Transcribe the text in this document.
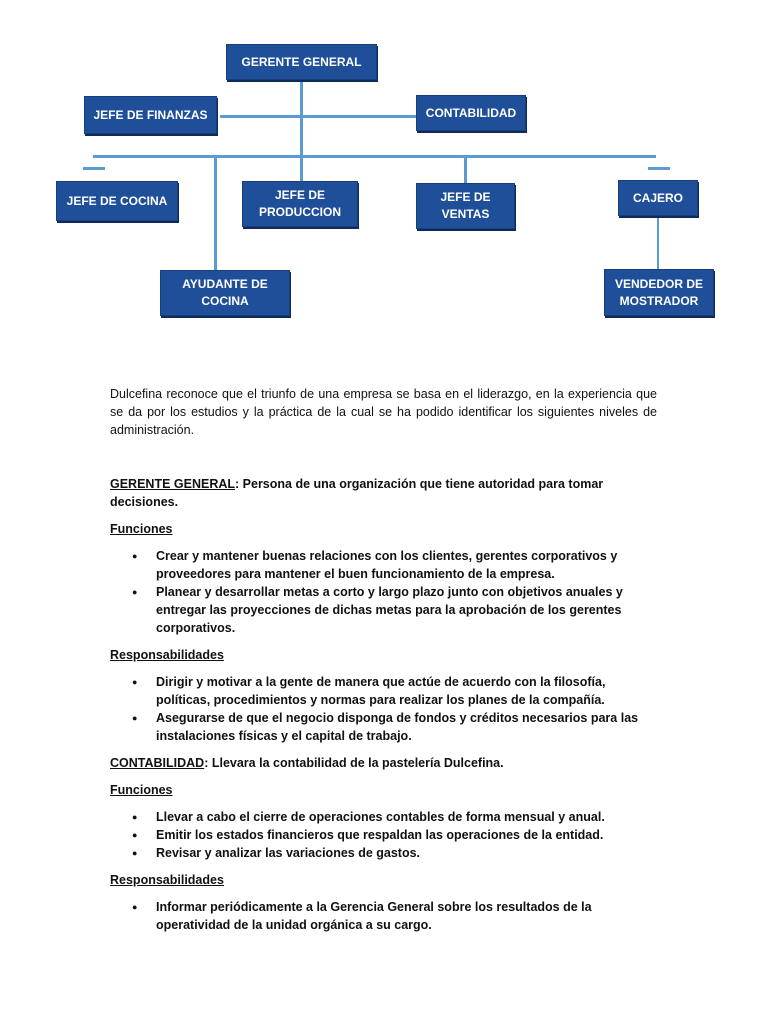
GERENTE GENERAL
JEFE DE FINANZAS	CONTABILIDAD
JEFE DE COCINA	JEFE DE PRODUCCION
JEFE DE VENTAS
CAJERO
AYUDANTE DE COCINA
VENDEDOR DE MOSTRADOR

Dulcefina reconoce que el triunfo de una empresa se basa en el liderazgo, en la experiencia que se da por los estudios y la práctica de la cual se ha podido identificar los siguientes niveles de administración.

GERENTE GENERAL: Persona de una organización que tiene autoridad para tomar decisiones.

Funciones

● Crear y mantener buenas relaciones con los clientes, gerentes corporativos y proveedores para mantener el buen funcionamiento de la empresa.
● Planear y desarrollar metas a corto y largo plazo junto con objetivos anuales y entregar las proyecciones de dichas metas para la aprobación de los gerentes corporativos.

Responsabilidades

● Dirigir y motivar a la gente de manera que actúe de acuerdo con la filosofía, políticas, procedimientos y normas para realizar los planes de la compañía.
● Asegurarse de que el negocio disponga de fondos y créditos necesarios para las instalaciones físicas y el capital de trabajo.

CONTABILIDAD: Llevara la contabilidad de la pastelería Dulcefina.

Funciones

● Llevar a cabo el cierre de operaciones contables de forma mensual y anual.
● Emitir los estados financieros que respaldan las operaciones de la entidad.
● Revisar y analizar las variaciones de gastos.

Responsabilidades

● Informar periódicamente a la Gerencia General sobre los resultados de la operatividad de la unidad orgánica a su cargo.
